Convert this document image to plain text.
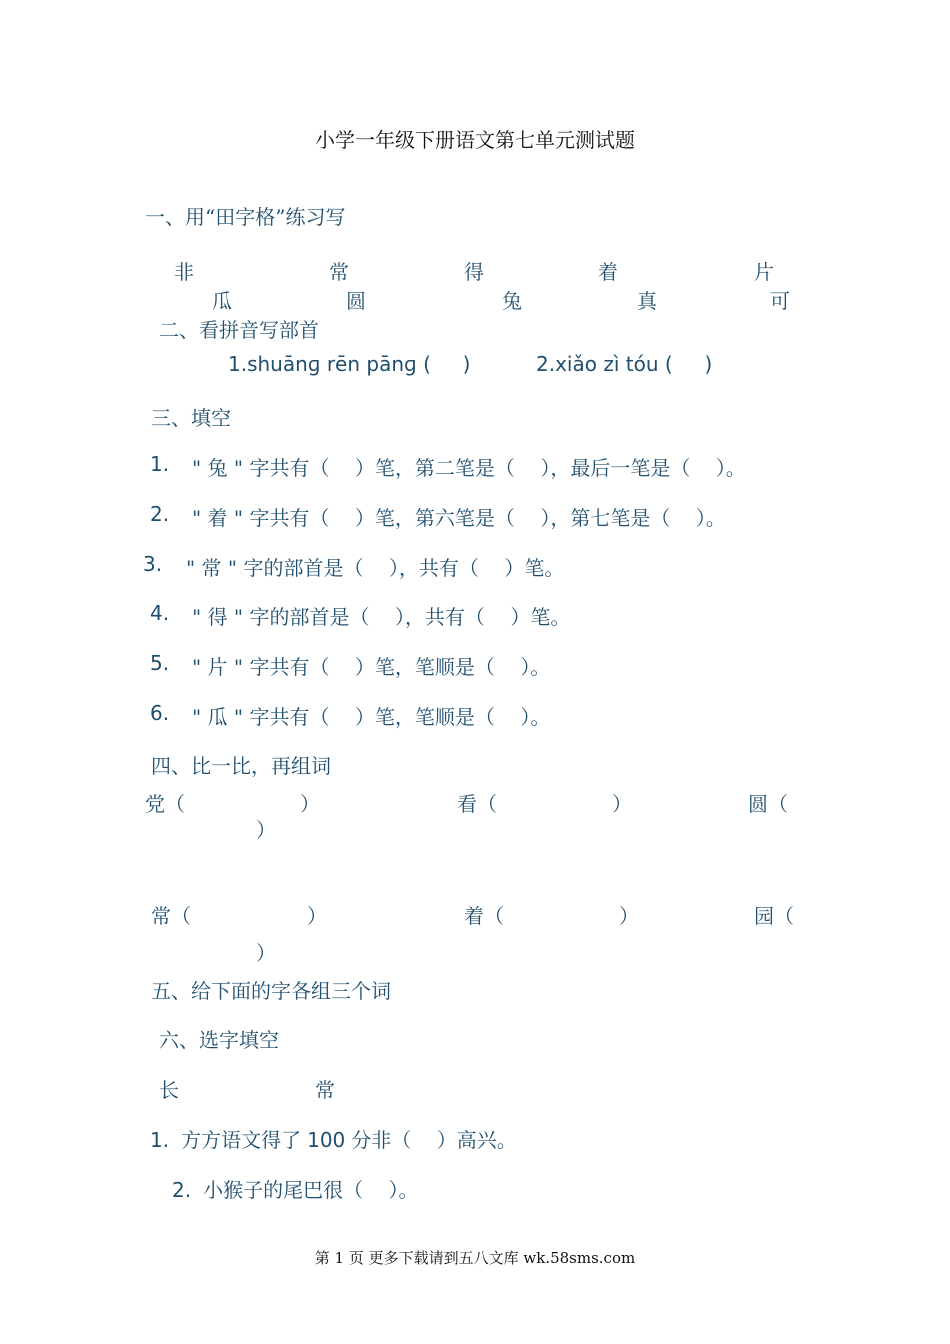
小学一年级下册语文第七单元测试题
一、用“田字格”练习写
非	常	得	着	片
瓜	圆	兔	真	可
二、看拼音写部首
1.shuānɡ rēn pānɡ (     )	2.xiǎo zì tóu (     )
三、填空
1. " 兔 " 字共有（    ）笔，第二笔是（    ），最后一笔是（    ）。
2. " 着 " 字共有（    ）笔，第六笔是（    ），第七笔是（    ）。
3. " 常 " 字的部首是（    ），共有（    ）笔。
4. " 得 " 字的部首是（    ），共有（    ）笔。
5. " 片 " 字共有（    ）笔，笔顺是（    ）。
6. " 瓜 " 字共有（    ）笔，笔顺是（    ）。
四、比一比，再组词
党（	）	看（	）	圆（
）
常（	）	着（	）	园（
）
五、给下面的字各组三个词
六、选字填空
长	常
1. 方方语文得了 100 分非（    ）高兴。
2. 小猴子的尾巴很（    ）。
第 1 页 更多下载请到五八文库 wk.58sms.com
